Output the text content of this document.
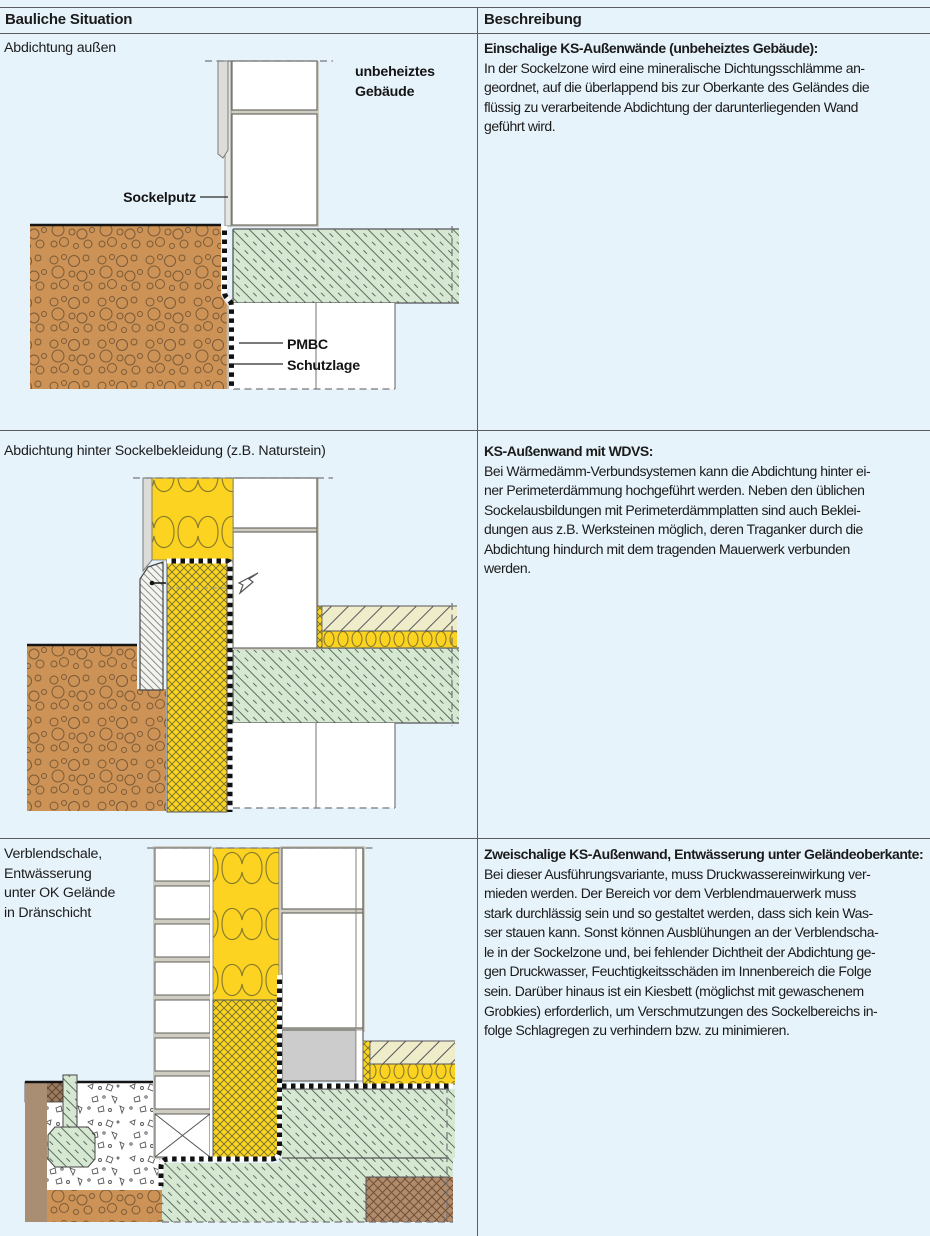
Bauliche Situation	Beschreibung
Abdichtung außen
Abdichtung hinter Sockelbekleidung (z.B. Naturstein)
Verblendschale,
Entwässerung
unter OK Gelände
in Dränschicht
Einschalige KS-Außenwände (unbeheiztes Gebäude):
In der Sockelzone wird eine mineralische Dichtungsschlämme an-
geordnet, auf die überlappend bis zur Oberkante des Geländes die
flüssig zu verarbeitende Abdichtung der darunterliegenden Wand
geführt wird.
KS-Außenwand mit WDVS:
Bei Wärmedämm-Verbundsystemen kann die Abdichtung hinter ei-
ner Perimeterdämmung hochgeführt werden. Neben den üblichen
Sockelausbildungen mit Perimeterdämmplatten sind auch Beklei-
dungen aus z.B. Werksteinen möglich, deren Traganker durch die
Abdichtung hindurch mit dem tragenden Mauerwerk verbunden
werden.
Zweischalige KS-Außenwand, Entwässerung unter Geländeoberkante:
Bei dieser Ausführungsvariante, muss Druckwassereinwirkung ver-
mieden werden. Der Bereich vor dem Verblendmauerwerk muss
stark durchlässig sein und so gestaltet werden, dass sich kein Was-
ser stauen kann. Sonst können Ausblühungen an der Verblendscha-
le in der Sockelzone und, bei fehlender Dichtheit der Abdichtung ge-
gen Druckwasser, Feuchtigkeitsschäden im Innenbereich die Folge
sein. Darüber hinaus ist ein Kiesbett (möglichst mit gewaschenem
Grobkies) erforderlich, um Verschmutzungen des Sockelbereichs in-
folge Schlagregen zu verhindern bzw. zu minimieren.
unbeheiztes
Gebäude
Sockelputz
PMBC
Schutzlage
